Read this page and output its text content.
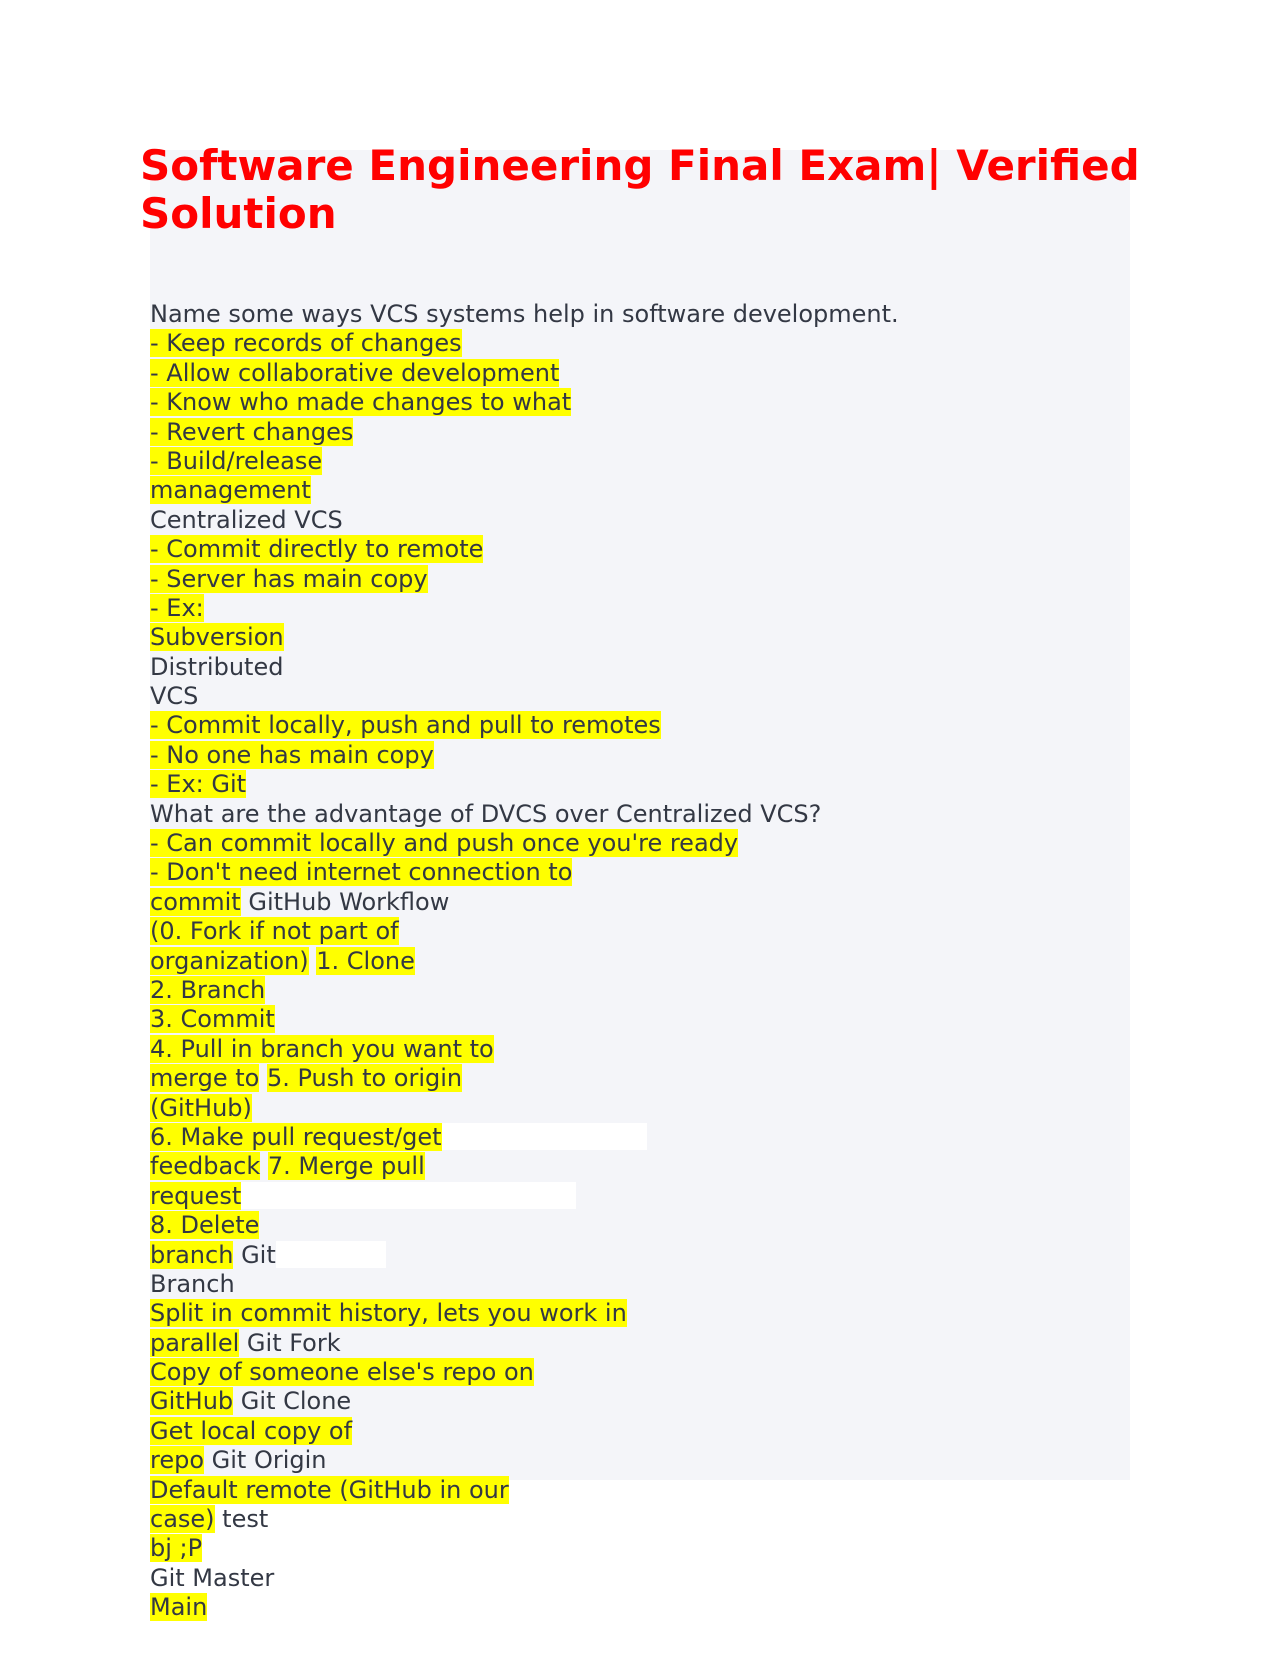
Software Engineering Final Exam| Verified Solution
Name some ways VCS systems help in software development.
- Keep records of changes
- Allow collaborative development
- Know who made changes to what
- Revert changes
- Build/release
management
Centralized VCS
- Commit directly to remote
- Server has main copy
- Ex:
Subversion
Distributed
VCS
- Commit locally, push and pull to remotes
- No one has main copy
- Ex: Git
What are the advantage of DVCS over Centralized VCS?
- Can commit locally and push once you're ready
- Don't need internet connection to
commit GitHub Workflow
(0. Fork if not part of
organization) 1. Clone
2. Branch
3. Commit
4. Pull in branch you want to
merge to 5. Push to origin
(GitHub)
6. Make pull request/get
feedback 7. Merge pull
request
8. Delete
branch Git
Branch
Split in commit history, lets you work in
parallel Git Fork
Copy of someone else's repo on
GitHub Git Clone
Get local copy of
repo Git Origin
Default remote (GitHub in our
case) test
bj ;P
Git Master
Main
